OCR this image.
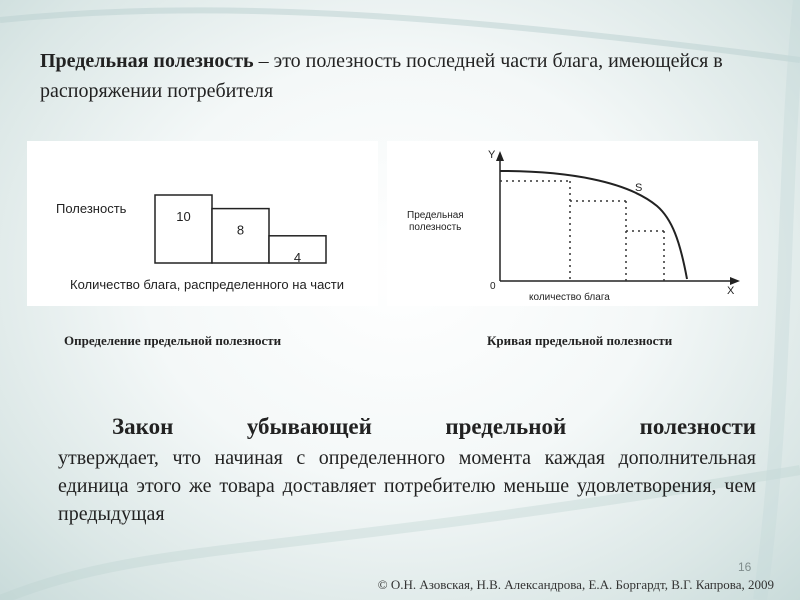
Предельная полезность – это полезность последней части блага, имеющейся в распоряжении потребителя

Полезность
10
8
4
Количество блага, распределенного на части
Определение предельной полезности
Y
X
0
Предельная
полезность
количество блага
S
Кривая предельной полезности
Закон убывающей предельной полезности
утверждает, что начиная с определенного момента каждая дополнительная единица этого же товара доставляет потребителю меньше удовлетворения, чем предыдущая
16
© О.Н. Азовская, Н.В. Александрова, Е.А. Боргардт, В.Г. Капрова, 2009
